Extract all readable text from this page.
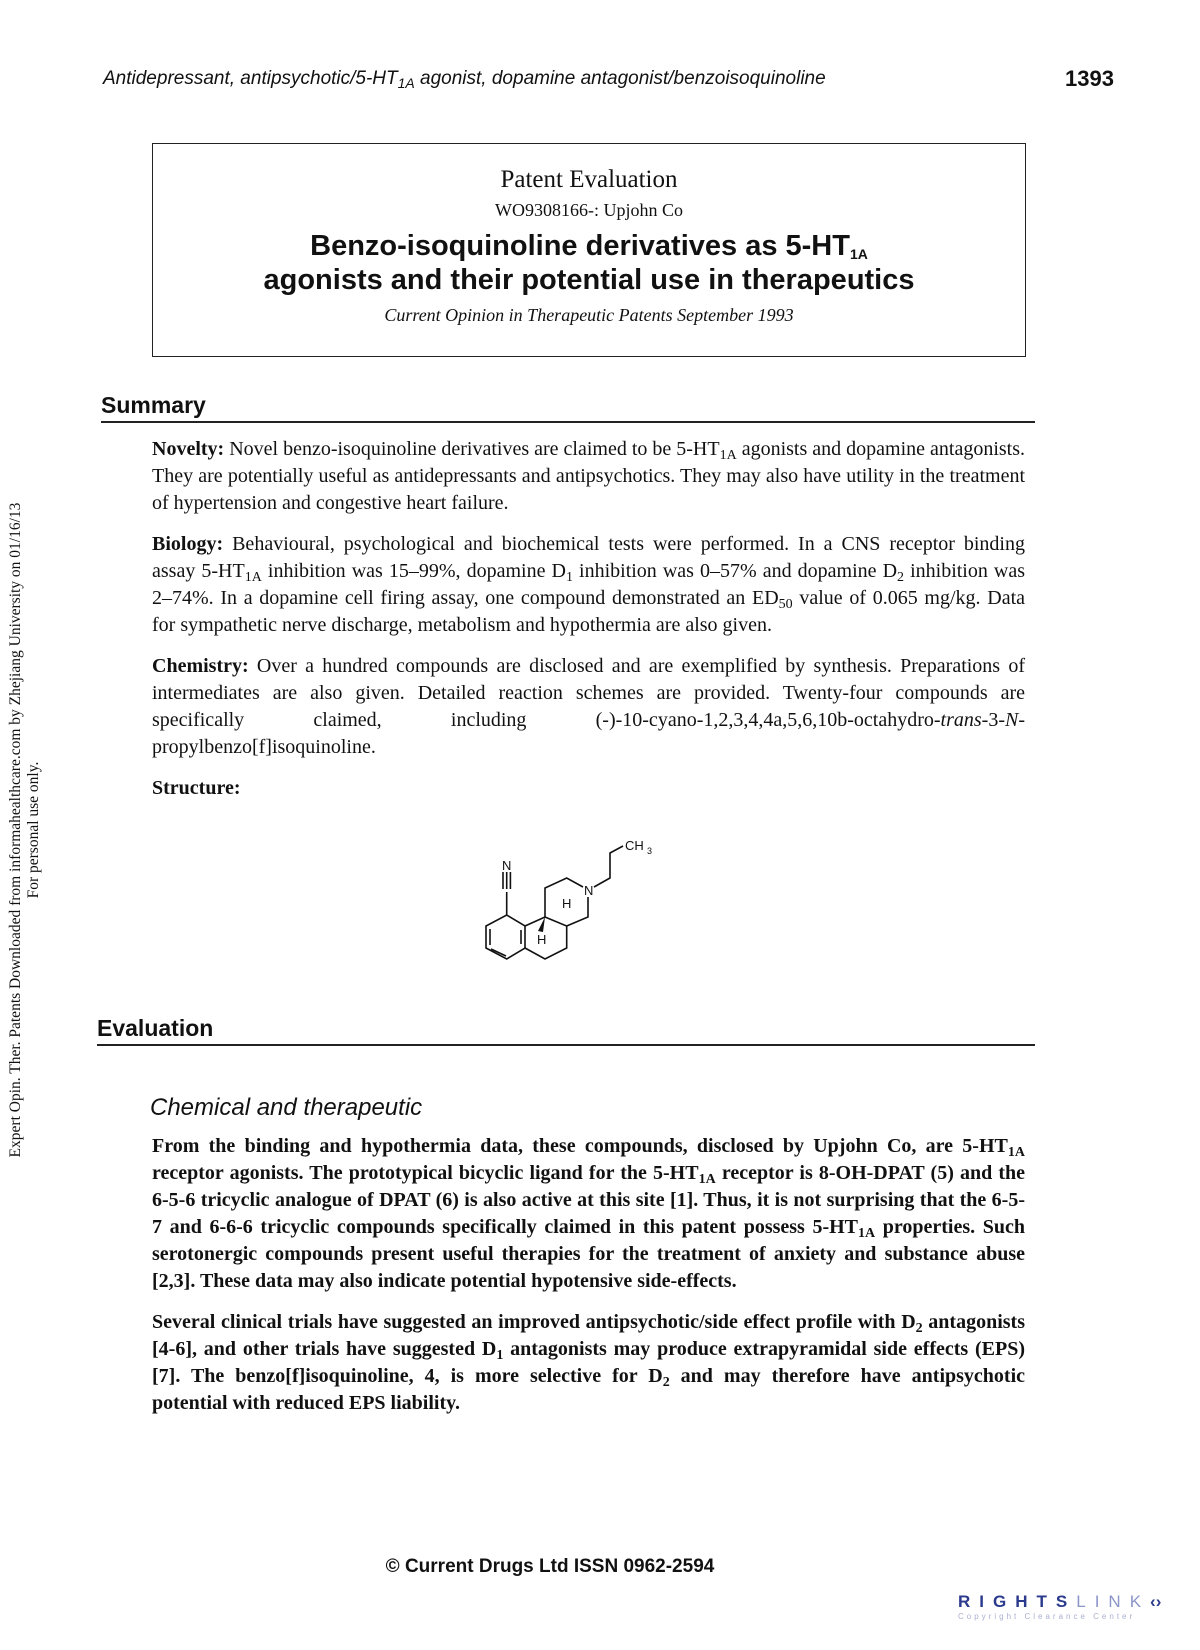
Antidepressant, antipsychotic/$5-HT_{1A}$ agonist, dopamine antagonist/benzoisoquinoline	1393
Patent Evaluation
WO9308166-: Upjohn Co
Benzo-isoquinoline derivatives as $5-HT_{1A}$
agonists and their potential use in therapeutics
Current Opinion in Therapeutic Patents September 1993
Summary

Novelty: Novel benzo-isoquinoline derivatives are claimed to be $5-HT_{1A}$ agonists and dopamine antagonists. They are potentially useful as antidepressants and antipsychotics. They may also have utility in the treatment of hypertension and congestive heart failure.

Biology: Behavioural, psychological and biochemical tests were performed. In a CNS receptor binding assay $5-HT_{1A}$ inhibition was 15–99%, dopamine $D_1$ inhibition was 0–57% and dopamine $D_2$ inhibition was 2–74%. In a dopamine cell firing assay, one compound demonstrated an $ED_{50}$ value of 0.065 mg/kg. Data for sympathetic nerve discharge, metabolism and hypothermia are also given.

Chemistry: Over a hundred compounds are disclosed and are exemplified by synthesis. Preparations of intermediates are also given. Detailed reaction schemes are provided. Twenty-four compounds are specifically claimed, including (-)-10-cyano-1,2,3,4,4a,5,6,10b-octahydro-trans-3-N-propylbenzo[f]isoquinoline.

Structure:

N
N
CH 3
H
H
Evaluation
Chemical and therapeutic

From the binding and hypothermia data, these compounds, disclosed by Upjohn Co, are $5-HT_{1A}$ receptor agonists. The prototypical bicyclic ligand for the $5-HT_{1A}$ receptor is 8-OH-DPAT (5) and the 6-5-6 tricyclic analogue of DPAT (6) is also active at this site [1]. Thus, it is not surprising that the 6-5-7 and 6-6-6 tricyclic compounds specifically claimed in this patent possess $5-HT_{1A}$ properties. Such serotonergic compounds present useful therapies for the treatment of anxiety and substance abuse [2,3]. These data may also indicate potential hypotensive side-effects.

Several clinical trials have suggested an improved antipsychotic/side effect profile with $D_2$ antagonists [4-6], and other trials have suggested $D_1$ antagonists may produce extrapyramidal side effects (EPS) [7]. The benzo[f]isoquinoline, 4, is more selective for $D_2$ and may therefore have antipsychotic potential with reduced EPS liability.

Expert Opin. Ther. Patents Downloaded from informahealthcare.com by Zhejiang University on 01/16/13 For personal use only.
© Current Drugs Ltd ISSN 0962-2594
RIGHTSLINK‹›
Copyright Clearance Center
